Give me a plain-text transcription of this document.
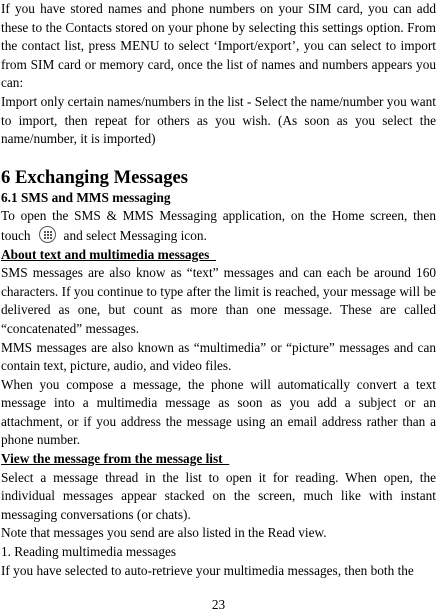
If you have stored names and phone numbers on your SIM card, you can add these to the Contacts stored on your phone by selecting this settings option. From the contact list, press MENU to select ‘Import/export’, you can select to import from SIM card or memory card, once the list of names and numbers appears you can:

Import only certain names/numbers in the list - Select the name/number you want to import, then repeat for others as you wish. (As soon as you select the name/number, it is imported)

6 Exchanging Messages
6.1 SMS and MMS messaging

To open the SMS & MMS Messaging application, on the Home screen, then touch and select Messaging icon.

About text and multimedia messages

SMS messages are also know as “text” messages and can each be around 160 characters. If you continue to type after the limit is reached, your message will be delivered as one, but count as more than one message. These are called “concatenated” messages.

MMS messages are also known as “multimedia” or “picture” messages and can contain text, picture, audio, and video files.

When you compose a message, the phone will automatically convert a text message into a multimedia message as soon as you add a subject or an attachment, or if you address the message using an email address rather than a phone number.

View the message from the message list

Select a message thread in the list to open it for reading. When open, the individual messages appear stacked on the screen, much like with instant messaging conversations (or chats).

Note that messages you send are also listed in the Read view.

1. Reading multimedia messages

If you have selected to auto-retrieve your multimedia messages, then both the

23
